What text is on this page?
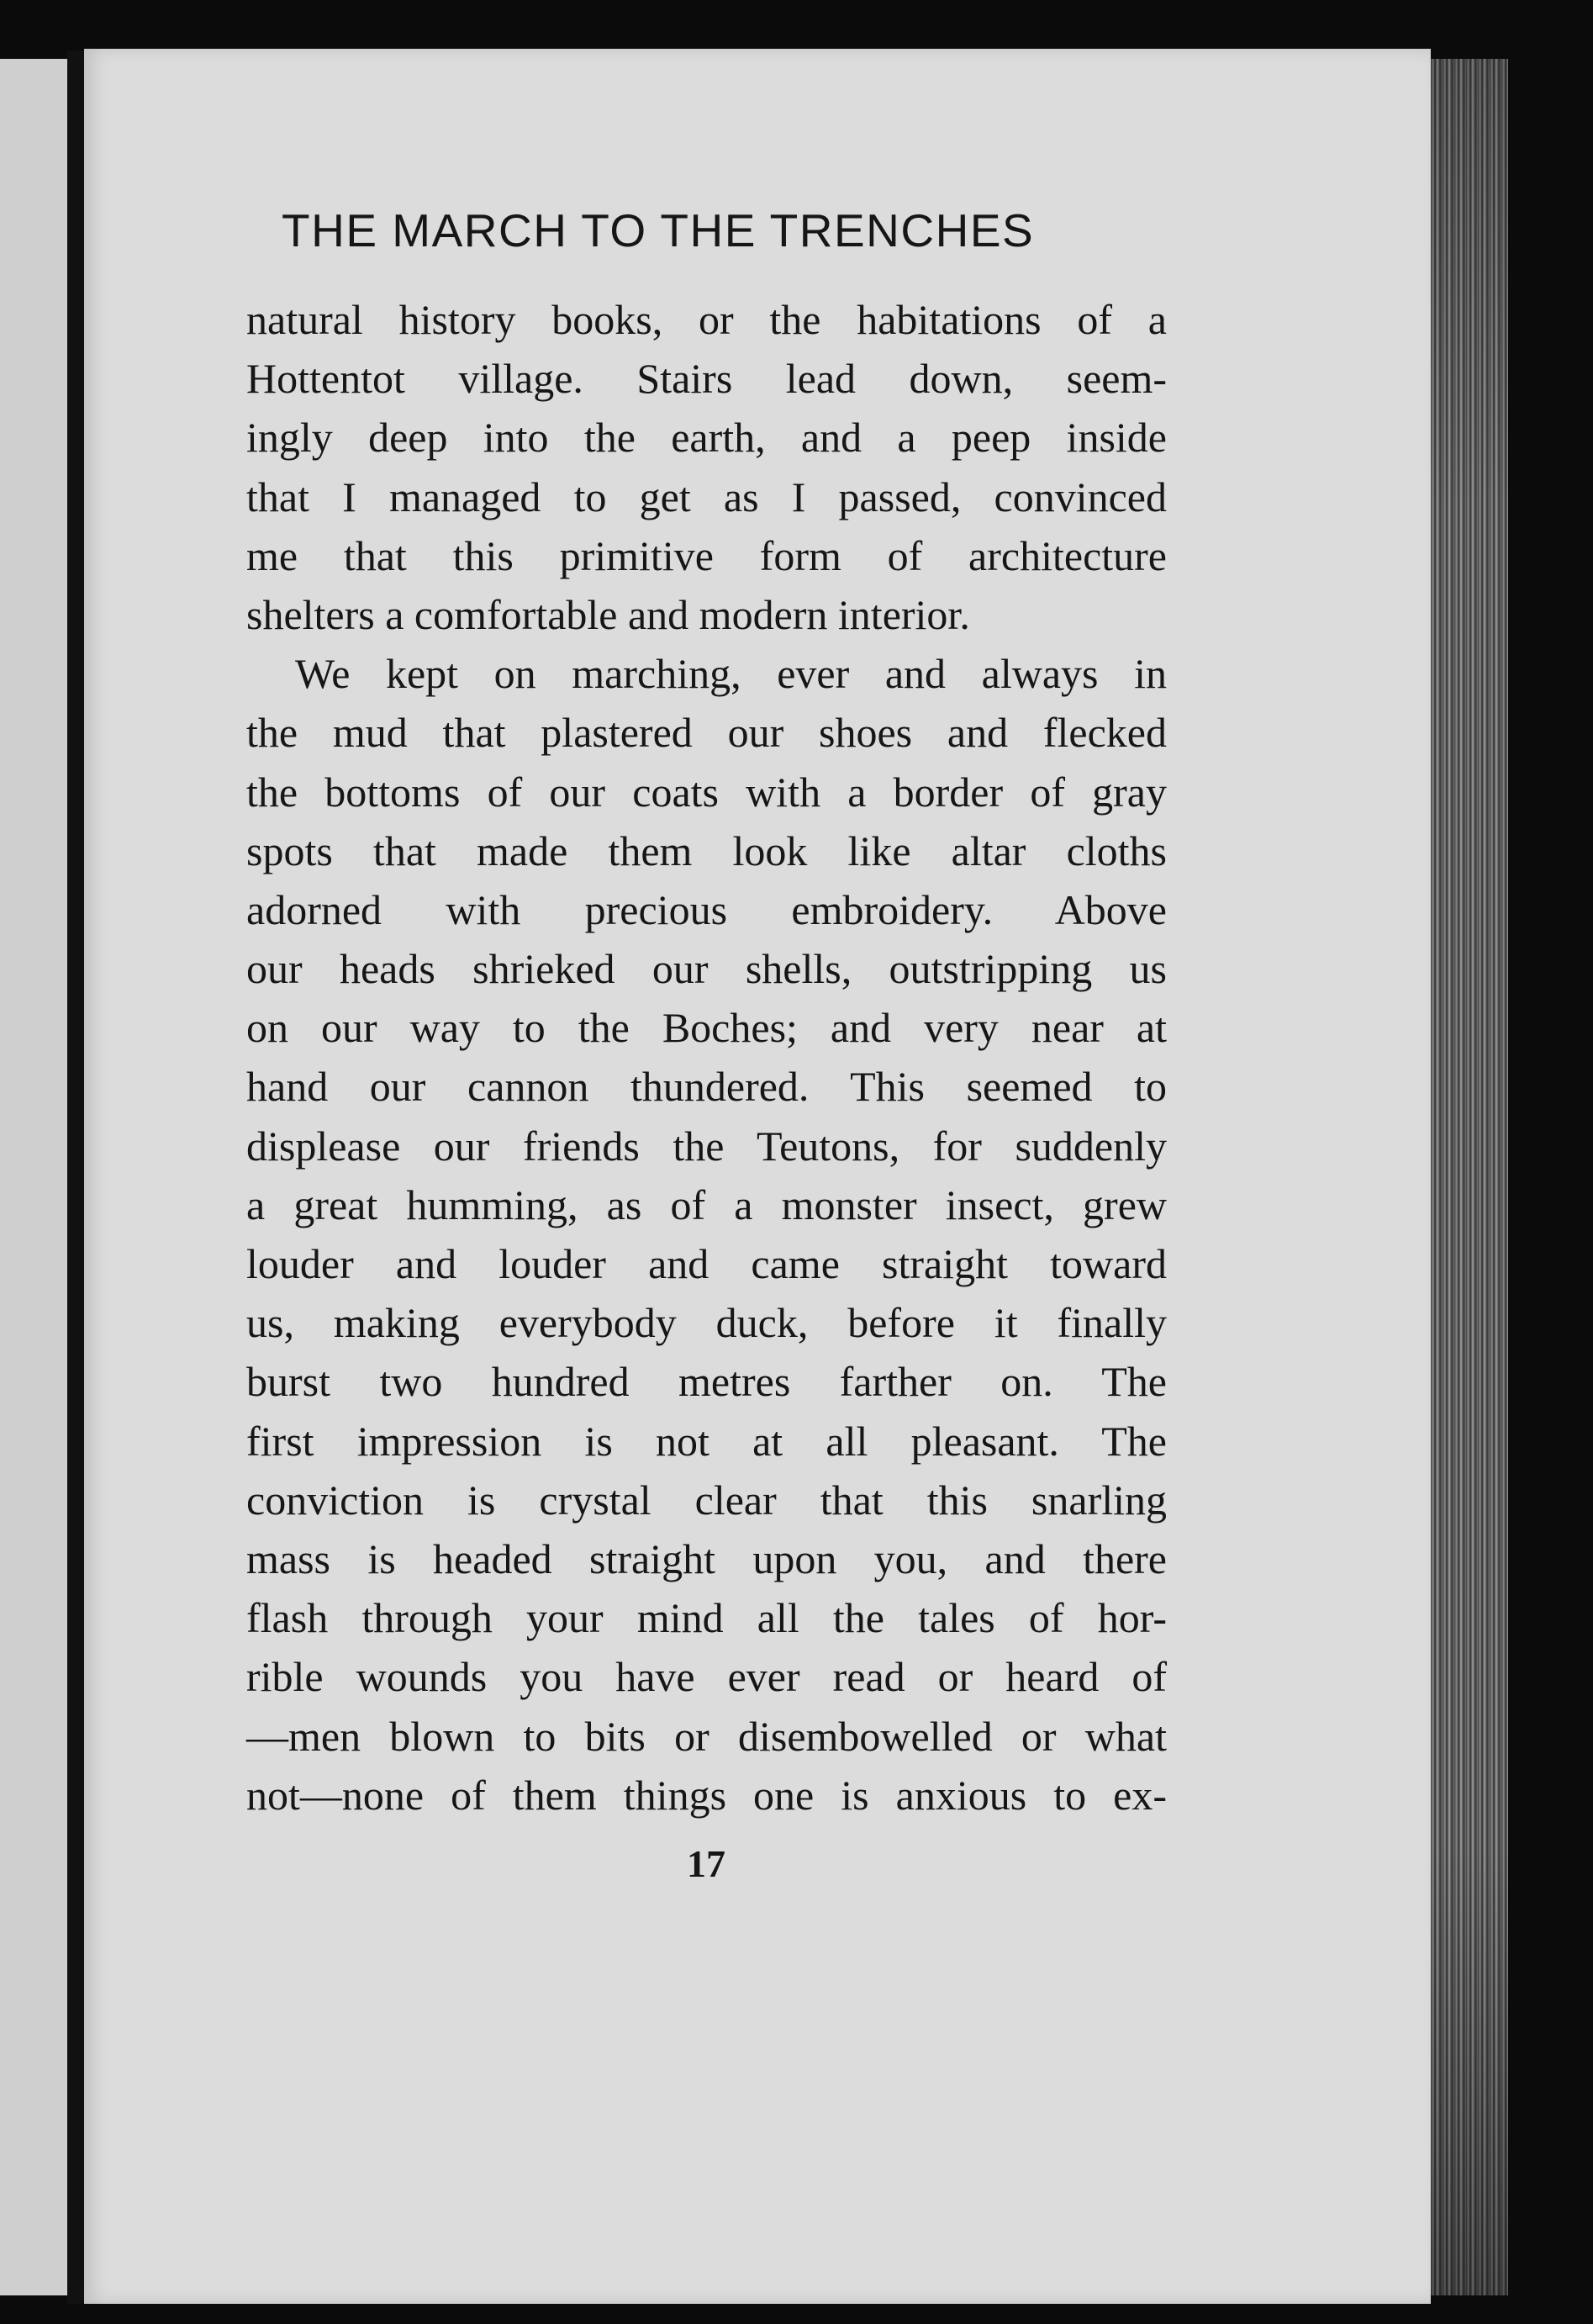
THE MARCH TO THE TRENCHES
natural history books, or the habitations of a
Hottentot village. Stairs lead down, seem-
ingly deep into the earth, and a peep inside
that I managed to get as I passed, convinced
me that this primitive form of architecture
shelters a comfortable and modern interior.
We kept on marching, ever and always in
the mud that plastered our shoes and flecked
the bottoms of our coats with a border of gray
spots that made them look like altar cloths
adorned with precious embroidery. Above
our heads shrieked our shells, outstripping us
on our way to the Boches; and very near at
hand our cannon thundered. This seemed to
displease our friends the Teutons, for suddenly
a great humming, as of a monster insect, grew
louder and louder and came straight toward
us, making everybody duck, before it finally
burst two hundred metres farther on. The
first impression is not at all pleasant. The
conviction is crystal clear that this snarling
mass is headed straight upon you, and there
flash through your mind all the tales of hor-
rible wounds you have ever read or heard of
—men blown to bits or disembowelled or what
not—none of them things one is anxious to ex-
17
